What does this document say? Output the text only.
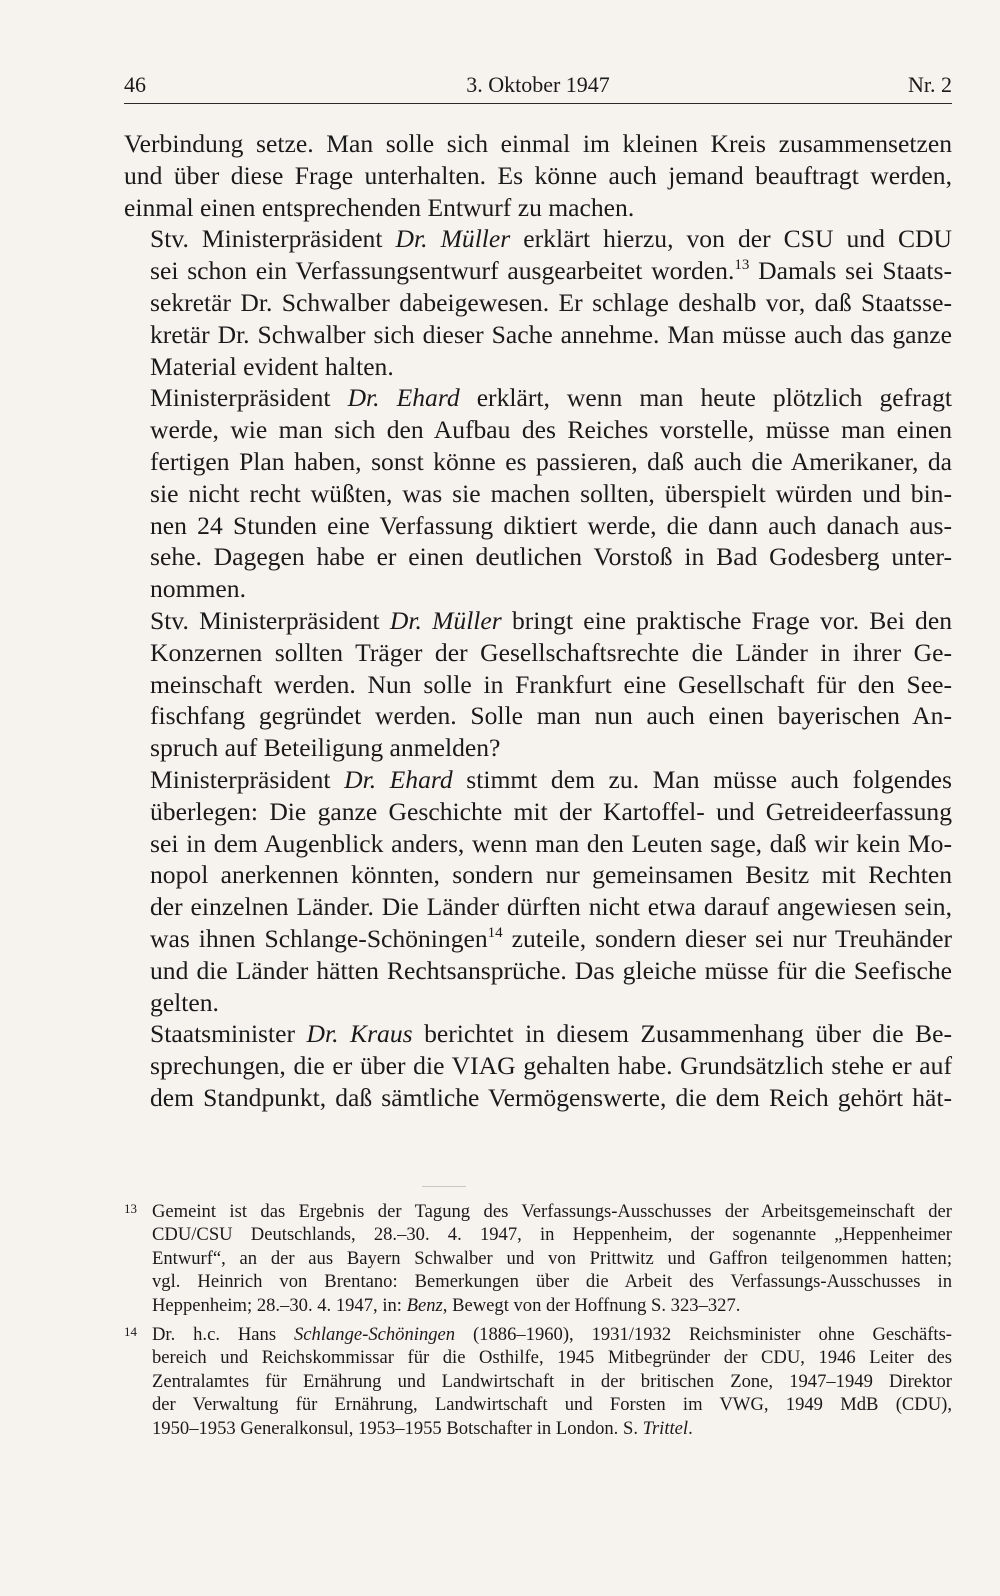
46	3. Oktober 1947	Nr. 2

Verbindung setze. Man solle sich einmal im kleinen Kreis zusammensetzen
und über diese Frage unterhalten. Es könne auch jemand beauftragt werden,
einmal einen entsprechenden Entwurf zu machen.

Stv. Ministerpräsident Dr. Müller erklärt hierzu, von der CSU und CDU
sei schon ein Verfassungsentwurf ausgearbeitet worden.$^{13}$ Damals sei Staats-
sekretär Dr. Schwalber dabeigewesen. Er schlage deshalb vor, daß Staatsse-
kretär Dr. Schwalber sich dieser Sache annehme. Man müsse auch das ganze
Material evident halten.

Ministerpräsident Dr. Ehard erklärt, wenn man heute plötzlich gefragt
werde, wie man sich den Aufbau des Reiches vorstelle, müsse man einen
fertigen Plan haben, sonst könne es passieren, daß auch die Amerikaner, da
sie nicht recht wüßten, was sie machen sollten, überspielt würden und bin-
nen 24 Stunden eine Verfassung diktiert werde, die dann auch danach aus-
sehe. Dagegen habe er einen deutlichen Vorstoß in Bad Godesberg unter-
nommen.

Stv. Ministerpräsident Dr. Müller bringt eine praktische Frage vor. Bei den
Konzernen sollten Träger der Gesellschaftsrechte die Länder in ihrer Ge-
meinschaft werden. Nun solle in Frankfurt eine Gesellschaft für den See-
fischfang gegründet werden. Solle man nun auch einen bayerischen An-
spruch auf Beteiligung anmelden?

Ministerpräsident Dr. Ehard stimmt dem zu. Man müsse auch folgendes
überlegen: Die ganze Geschichte mit der Kartoffel- und Getreideerfassung
sei in dem Augenblick anders, wenn man den Leuten sage, daß wir kein Mo-
nopol anerkennen könnten, sondern nur gemeinsamen Besitz mit Rechten
der einzelnen Länder. Die Länder dürften nicht etwa darauf angewiesen sein,
was ihnen Schlange-Schöningen$^{14}$ zuteile, sondern dieser sei nur Treuhänder
und die Länder hätten Rechtsansprüche. Das gleiche müsse für die Seefische
gelten.

Staatsminister Dr. Kraus berichtet in diesem Zusammenhang über die Be-
sprechungen, die er über die VIAG gehalten habe. Grundsätzlich stehe er auf
dem Standpunkt, daß sämtliche Vermögenswerte, die dem Reich gehört hät-

13 Gemeint ist das Ergebnis der Tagung des Verfassungs-Ausschusses der Arbeitsgemeinschaft der
CDU/CSU Deutschlands, 28.–30. 4. 1947, in Heppenheim, der sogenannte „Heppenheimer
Entwurf“, an der aus Bayern Schwalber und von Prittwitz und Gaffron teilgenommen hatten;
vgl. Heinrich von Brentano: Bemerkungen über die Arbeit des Verfassungs-Ausschusses in
Heppenheim; 28.–30. 4. 1947, in: Benz, Bewegt von der Hoffnung S. 323–327.
14 Dr. h.c. Hans Schlange-Schöningen (1886–1960), 1931/1932 Reichsminister ohne Geschäfts-
bereich und Reichskommissar für die Osthilfe, 1945 Mitbegründer der CDU, 1946 Leiter des
Zentralamtes für Ernährung und Landwirtschaft in der britischen Zone, 1947–1949 Direktor
der Verwaltung für Ernährung, Landwirtschaft und Forsten im VWG, 1949 MdB (CDU),
1950–1953 Generalkonsul, 1953–1955 Botschafter in London. S. Trittel.
